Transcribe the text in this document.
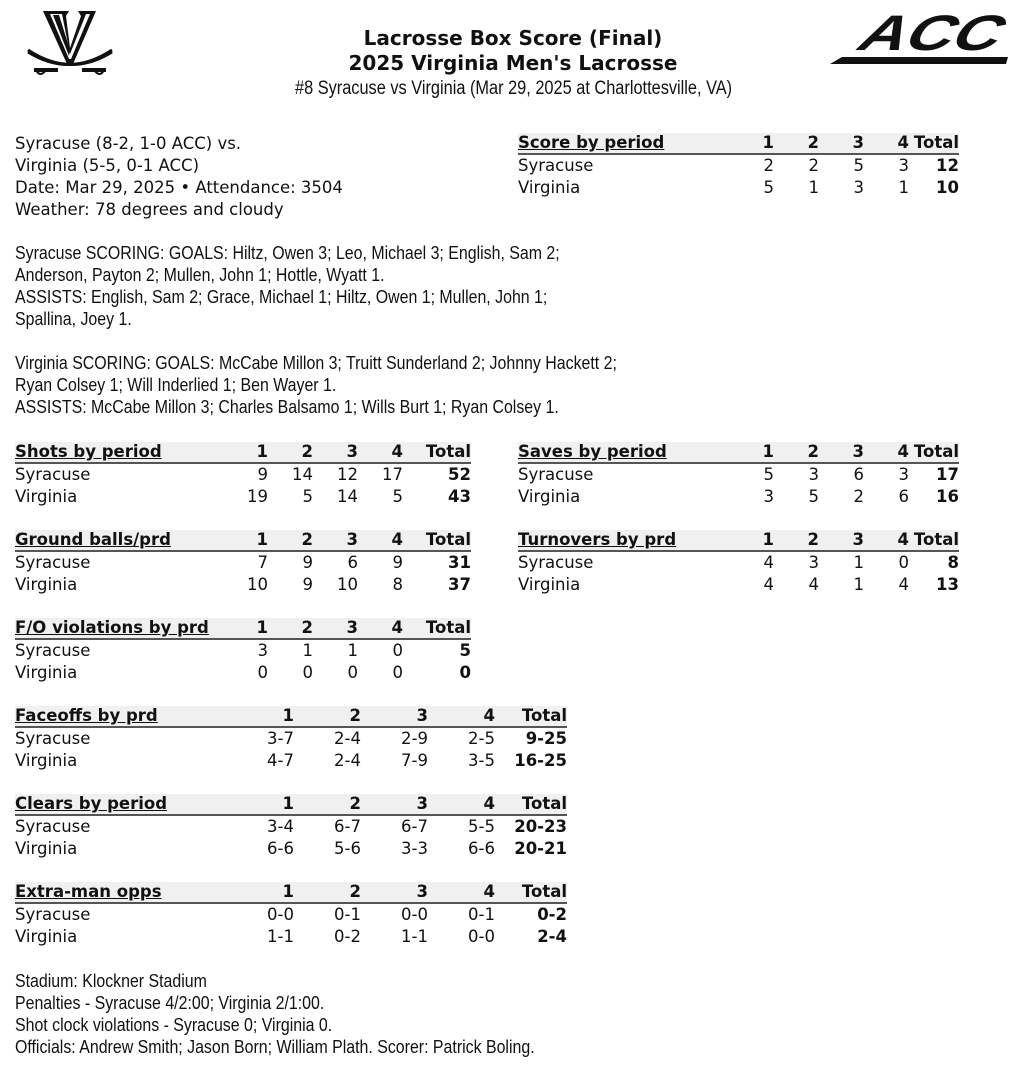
ACC
Lacrosse Box Score (Final)
2025 Virginia Men's Lacrosse
#8 Syracuse vs Virginia (Mar 29, 2025 at Charlottesville, VA)
Syracuse (8-2, 1-0 ACC) vs.
Virginia (5-5, 0-1 ACC)
Date: Mar 29, 2025 • Attendance: 3504
Weather: 78 degrees and cloudy
Score by period	1	2	3	4	Total
Syracuse	2	2	5	3	12
Virginia	5	1	3	1	10
Syracuse SCORING: GOALS: Hiltz, Owen 3; Leo, Michael 3; English, Sam 2;
Anderson, Payton 2; Mullen, John 1; Hottle, Wyatt 1.
ASSISTS: English, Sam 2; Grace, Michael 1; Hiltz, Owen 1; Mullen, John 1;
Spallina, Joey 1.
Virginia SCORING: GOALS: McCabe Millon 3; Truitt Sunderland 2; Johnny Hackett 2;
Ryan Colsey 1; Will Inderlied 1; Ben Wayer 1.
ASSISTS: McCabe Millon 3; Charles Balsamo 1; Wills Burt 1; Ryan Colsey 1.
Shots by period	1	2	3	4	Total
Syracuse	9	14	12	17	52
Virginia	19	5	14	5	43
Saves by period	1	2	3	4	Total
Syracuse	5	3	6	3	17
Virginia	3	5	2	6	16
Ground balls/prd	1	2	3	4	Total
Syracuse	7	9	6	9	31
Virginia	10	9	10	8	37
Turnovers by prd	1	2	3	4	Total
Syracuse	4	3	1	0	8
Virginia	4	4	1	4	13
F/O violations by prd	1	2	3	4	Total
Syracuse	3	1	1	0	5
Virginia	0	0	0	0	0
Faceoffs by prd	1	2	3	4	Total
Syracuse	3-7	2-4	2-9	2-5	9-25
Virginia	4-7	2-4	7-9	3-5	16-25
Clears by period	1	2	3	4	Total
Syracuse	3-4	6-7	6-7	5-5	20-23
Virginia	6-6	5-6	3-3	6-6	20-21
Extra-man opps	1	2	3	4	Total
Syracuse	0-0	0-1	0-0	0-1	0-2
Virginia	1-1	0-2	1-1	0-0	2-4
Stadium: Klockner Stadium
Penalties - Syracuse 4/2:00; Virginia 2/1:00.
Shot clock violations - Syracuse 0; Virginia 0.
Officials: Andrew Smith; Jason Born; William Plath. Scorer: Patrick Boling.
